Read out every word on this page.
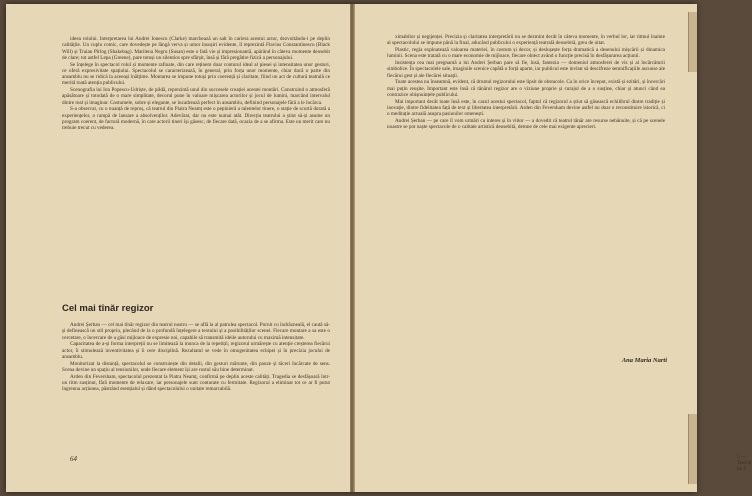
ideea rolului. Interpretarea lui Andrei Ionescu (Clarke) marchează un salt în cariera acestui actor, dezvoltându-i pe deplin calitățile. Un cuplu comic, care dovedește pe lângă verva și umor însușiri evidente, îl reprezintă Flavius Constantinescu (Black Will) și Traian Pîrlog (Shakebag). Marilena Negru (Susan) este o fată vie și impresionantă, apărând în câteva momente deosebit de clare; tot astfel Lepa (Greene), pare totuși un silentios spre sfârșit, însă și fără pregătire fizică a personajului.

Se înțelege în spectacol rolul și momente rafinate, din care reținem doar conturul ideal al piesei și intensitatea unor gesturi, ce oferă expresivitate spațiului. Spectacolul se caracterizează, în general, prin forța unor momente, chiar dacă o parte din ansamblu nu se ridică la aceeași înălțime. Montarea se impune totuși prin coerență și claritate, fiind un act de cultură teatrală ce merită toată atenția publicului.

Scenografia lui Ion Popescu-Udriște, de pildă, reprezintă unul din succesele creației acestei montări. Construind o atmosferă apăsătoare și totodată de o mare simplitate, decorul pune în valoare mișcarea actorilor și jocul de lumini, marcând intervalul dintre real și imaginar. Costumele, sobre și elegante, se încadrează perfect în ansamblu, definind personajele fără a le încărca.

S-a observat, cu o nuanță de reproș, că teatrul din Piatra Neamț este o pepinieră a talentelor tinere, o stație de scurtă durată a experiențelor, o rampă de lansare a absolvenților. Adevărat, dar nu este numai atât. Direcția teatrului a știut să-și asume un program coerent, de factură modernă, în care actorii tineri își găsesc, de fiecare dată, ocazia de a se afirma. Este un merit care nu trebuie trecut cu vederea.

Cel mai tînăr regizor

Andrei Șerban — cel mai tînăr regizor din teatrul nostru — se află la al patrulea spectacol. Pornit cu îndrăzneală, el caută să-și definească un stil propriu, plecând de la o profundă înțelegere a textului și a posibilităților scenei. Fiecare montare a sa este o cercetare, o încercare de a găsi mijloace de expresie noi, capabile să transmită ideile autorului cu maximă intensitate.

Capacitatea de a-și forma interpreții nu se limitează la munca de la repetiții; regizorul urmărește cu atenție creșterea fiecărui actor, îi stimulează inventivitatea și îi cere disciplină. Rezultatul se vede în omogenitatea echipei și în precizia jocului de ansamblu.

Monitorizat la distanță, spectacolul se construiește din detalii, din gesturi mărunte, din pauze și tăceri încărcate de sens. Scena devine un spațiu al tensiunilor, unde fiecare element își are rostul său bine determinat.

Arden din Feversham, spectacolul prezentat la Piatra Neamț, confirmă pe deplin aceste calități. Tragedia se desfășoară într-un ritm susținut, fără momente de relaxare, iar personajele sunt conturate cu fermitate. Regizorul a eliminat tot ce ar fi putut îngreuna acțiunea, păstrând esențialul și dând spectacolului o unitate remarcabilă.

64

ximabilor și negijenței. Precizia și claritatea interpretării nu se dezmint decât în câteva momente, în verbul lor, iar ritmul înainte al spectacolului se impune până la final, aducând publicului o experiență teatrală deosebită, greu de uitat.

Plastic, regia exploatează valoarea materiei, în costum și decor, și deslușește forța dramatică a desenului mișcării și dinamica luminii. Scena este tratată cu o mare economie de mijloace, fiecare obiect având o funcție precisă în desfășurarea acțiunii.

Insistența cea mai pregnantă a lui Andrei Șerban pare să fie, însă, fantezia — domeniul atmosferei de vis și al încărcăturii simbolice. În spectacolele sale, imaginile scenice capătă o forță aparte, iar publicul este invitat să descifreze semnificațiile ascunse ale fiecărui gest și ale fiecărei situații.

Toate acestea nu înseamnă, evident, că drumul regizorului este lipsit de obstacole. Ca în orice început, există și ezitări, și încercări mai puțin reușite. Important este însă că tânărul regizor are o viziune proprie și curajul de a o susține, chiar și atunci când ea contrazice obișnuințele publicului.

Mai important decât toate însă este, în cazul acestui spectacol, faptul că regizorul a știut să găsească echilibrul dintre tradiție și inovație, dintre fidelitatea față de text și libertatea interpretării. Arden din Feversham devine astfel nu doar o reconstituire istorică, ci o meditație actuală asupra pasiunilor omenești.

Andrei Șerban — pe care îl vom urmări cu interes și în viitor — a dovedit că teatrul tânăr are resurse nebănuite, și că pe scenele noastre se pot naște spectacole de o calitate artistică deosebită, demne de cele mai exigente aprecieri.

Ana Maria Narti
5 — Teatrul nr. 6
